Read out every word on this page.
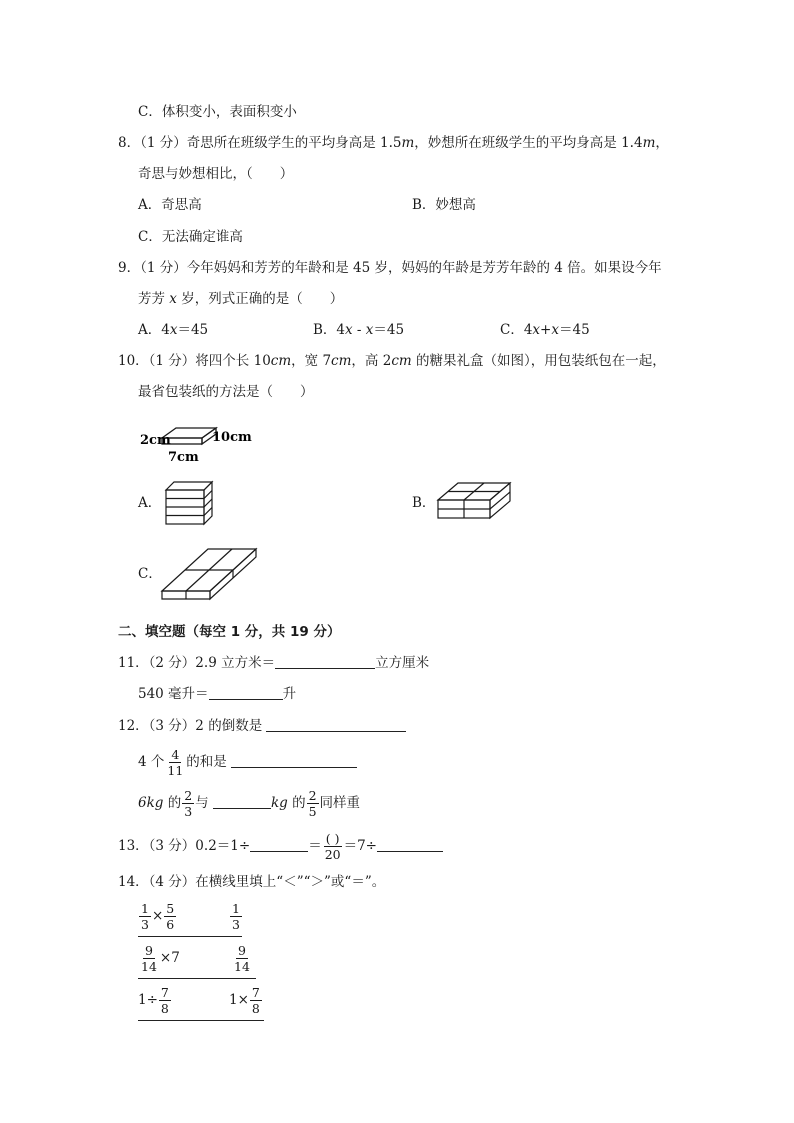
C．体积变小，表面积变小
8．（1 分）奇思所在班级学生的平均身高是 1.5m，妙想所在班级学生的平均身高是 1.4m，
奇思与妙想相比，（　　）
A．奇思高	B．妙想高
C．无法确定谁高
9．（1 分）今年妈妈和芳芳的年龄和是 45 岁，妈妈的年龄是芳芳年龄的 4 倍。如果设今年
芳芳 x 岁，列式正确的是（　　）
A．4x＝45	B．4x - x＝45	C．4x+x＝45
10．（1 分）将四个长 10cm，宽 7cm，高 2cm 的糖果礼盒（如图），用包装纸包在一起，
最省包装纸的方法是（　　）
2cm	10cm
7cm
A．	B．
C．
二、填空题（每空 1 分，共 19 分）
11．（2 分）2.9 立方米＝	立方厘米
540 毫升＝	升
12．（3 分）2 的倒数是
4 个 $\frac{4}{11}$ 的和是
6kg 的 $\frac{2}{3}$ 与	kg 的 $\frac{2}{5}$ 同样重
13．（3 分）0.2＝1÷	＝ $\frac{( )}{20} =7\div$
14．（4 分）在横线里填上“＜”“＞”或“＝”。
$\frac{1}{3} \times \frac{5}{6}$	$\frac{1}{3}$
$\frac{9}{14} \times 7$	$\frac{9}{14}$
$1\div \frac{7}{8}$	$1\times \frac{7}{8}$
